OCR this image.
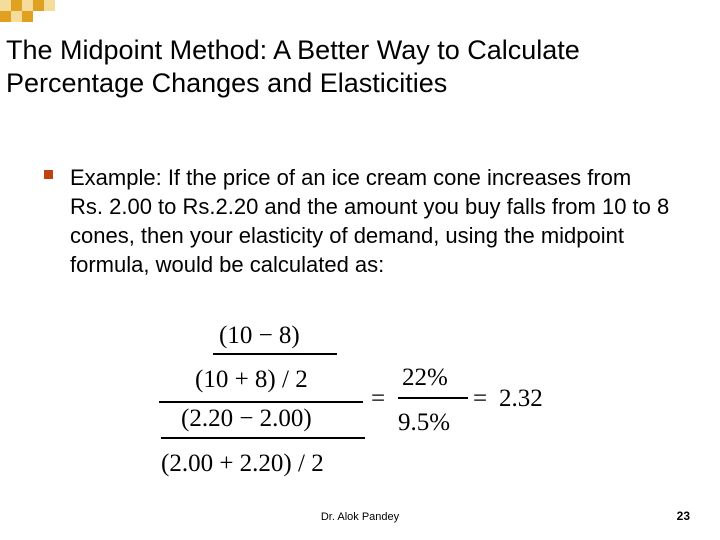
The Midpoint Method: A Better Way to Calculate Percentage Changes and Elasticities
Example: If the price of an ice cream cone increases from Rs. 2.00 to Rs.2.20 and the amount you buy falls from 10 to 8 cones, then your elasticity of demand, using the midpoint formula, would be calculated as:
(10 − 8)
(10 + 8) / 2
(2.20 − 2.00)
(2.00 + 2.20) / 2
=
22%
9.5%
= 2.32
Dr. Alok Pandey	23
